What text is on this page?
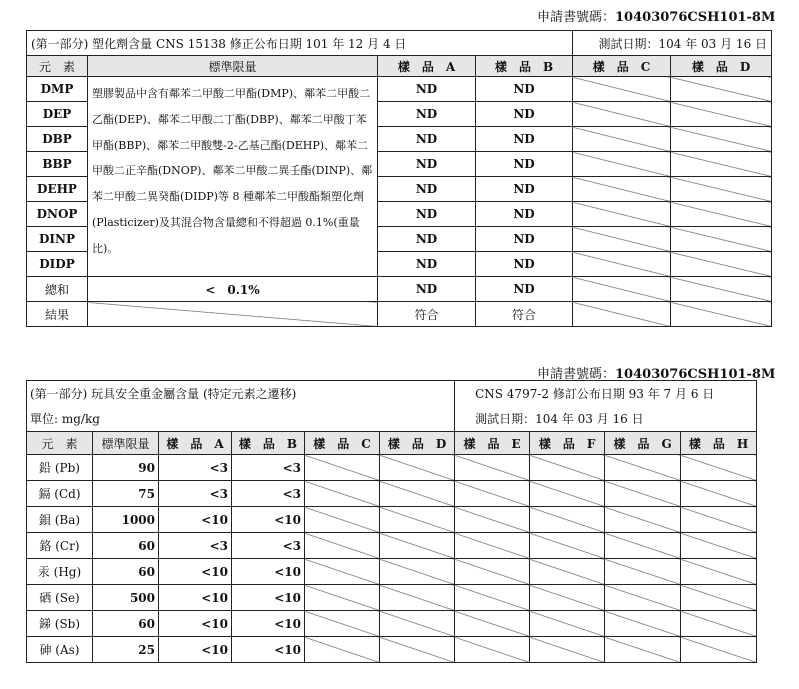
申請書號碼：10403076CSH101-8M
(第一部分) 塑化劑含量 CNS 15138 修正公布日期 101 年 12 月 4 日				測試日期：104 年 03 月 16 日	
元　素	標準限量	樣　品　A	樣　品　B	樣　品　C	樣　品　D
DMP	塑膠製品中含有鄰苯二甲酸二甲酯(DMP)、鄰苯二甲酸二乙酯(DEP)、鄰苯二甲酸二丁酯(DBP)、鄰苯二甲酸丁苯甲酯(BBP)、鄰苯二甲酸雙-2-乙基己酯(DEHP)、鄰苯二甲酸二正辛酯(DNOP)、鄰苯二甲酸二異壬酯(DINP)、鄰苯二甲酸二異癸酯(DIDP)等 8 種鄰苯二甲酸酯類塑化劑(Plasticizer)及其混合物含量總和不得超過 0.1%(重量比)。	ND	ND		
DEP		ND	ND		
DBP		ND	ND		
BBP		ND	ND		
DEHP		ND	ND		
DNOP		ND	ND		
DINP		ND	ND		
DIDP		ND	ND		
總和	<　0.1%	ND	ND		
結果		符合	符合		
申請書號碼：10403076CSH101-8M
(第一部分) 玩具安全重金屬含量 (特定元素之遷移)						CNS 4797-2 修訂公布日期 93 年 7 月 6 日			
單位: mg/kg						測試日期：104 年 03 月 16 日			
元　素	標準限量	樣　品　A	樣　品　B	樣　品　C	樣　品　D	樣　品　E	樣　品　F	樣　品　G	樣　品　H
鉛 (Pb)	90	<3	<3						
鎘 (Cd)	75	<3	<3						
鋇 (Ba)	1000	<10	<10						
鉻 (Cr)	60	<3	<3						
汞 (Hg)	60	<10	<10						
硒 (Se)	500	<10	<10						
銻 (Sb)	60	<10	<10						
砷 (As)	25	<10	<10						
